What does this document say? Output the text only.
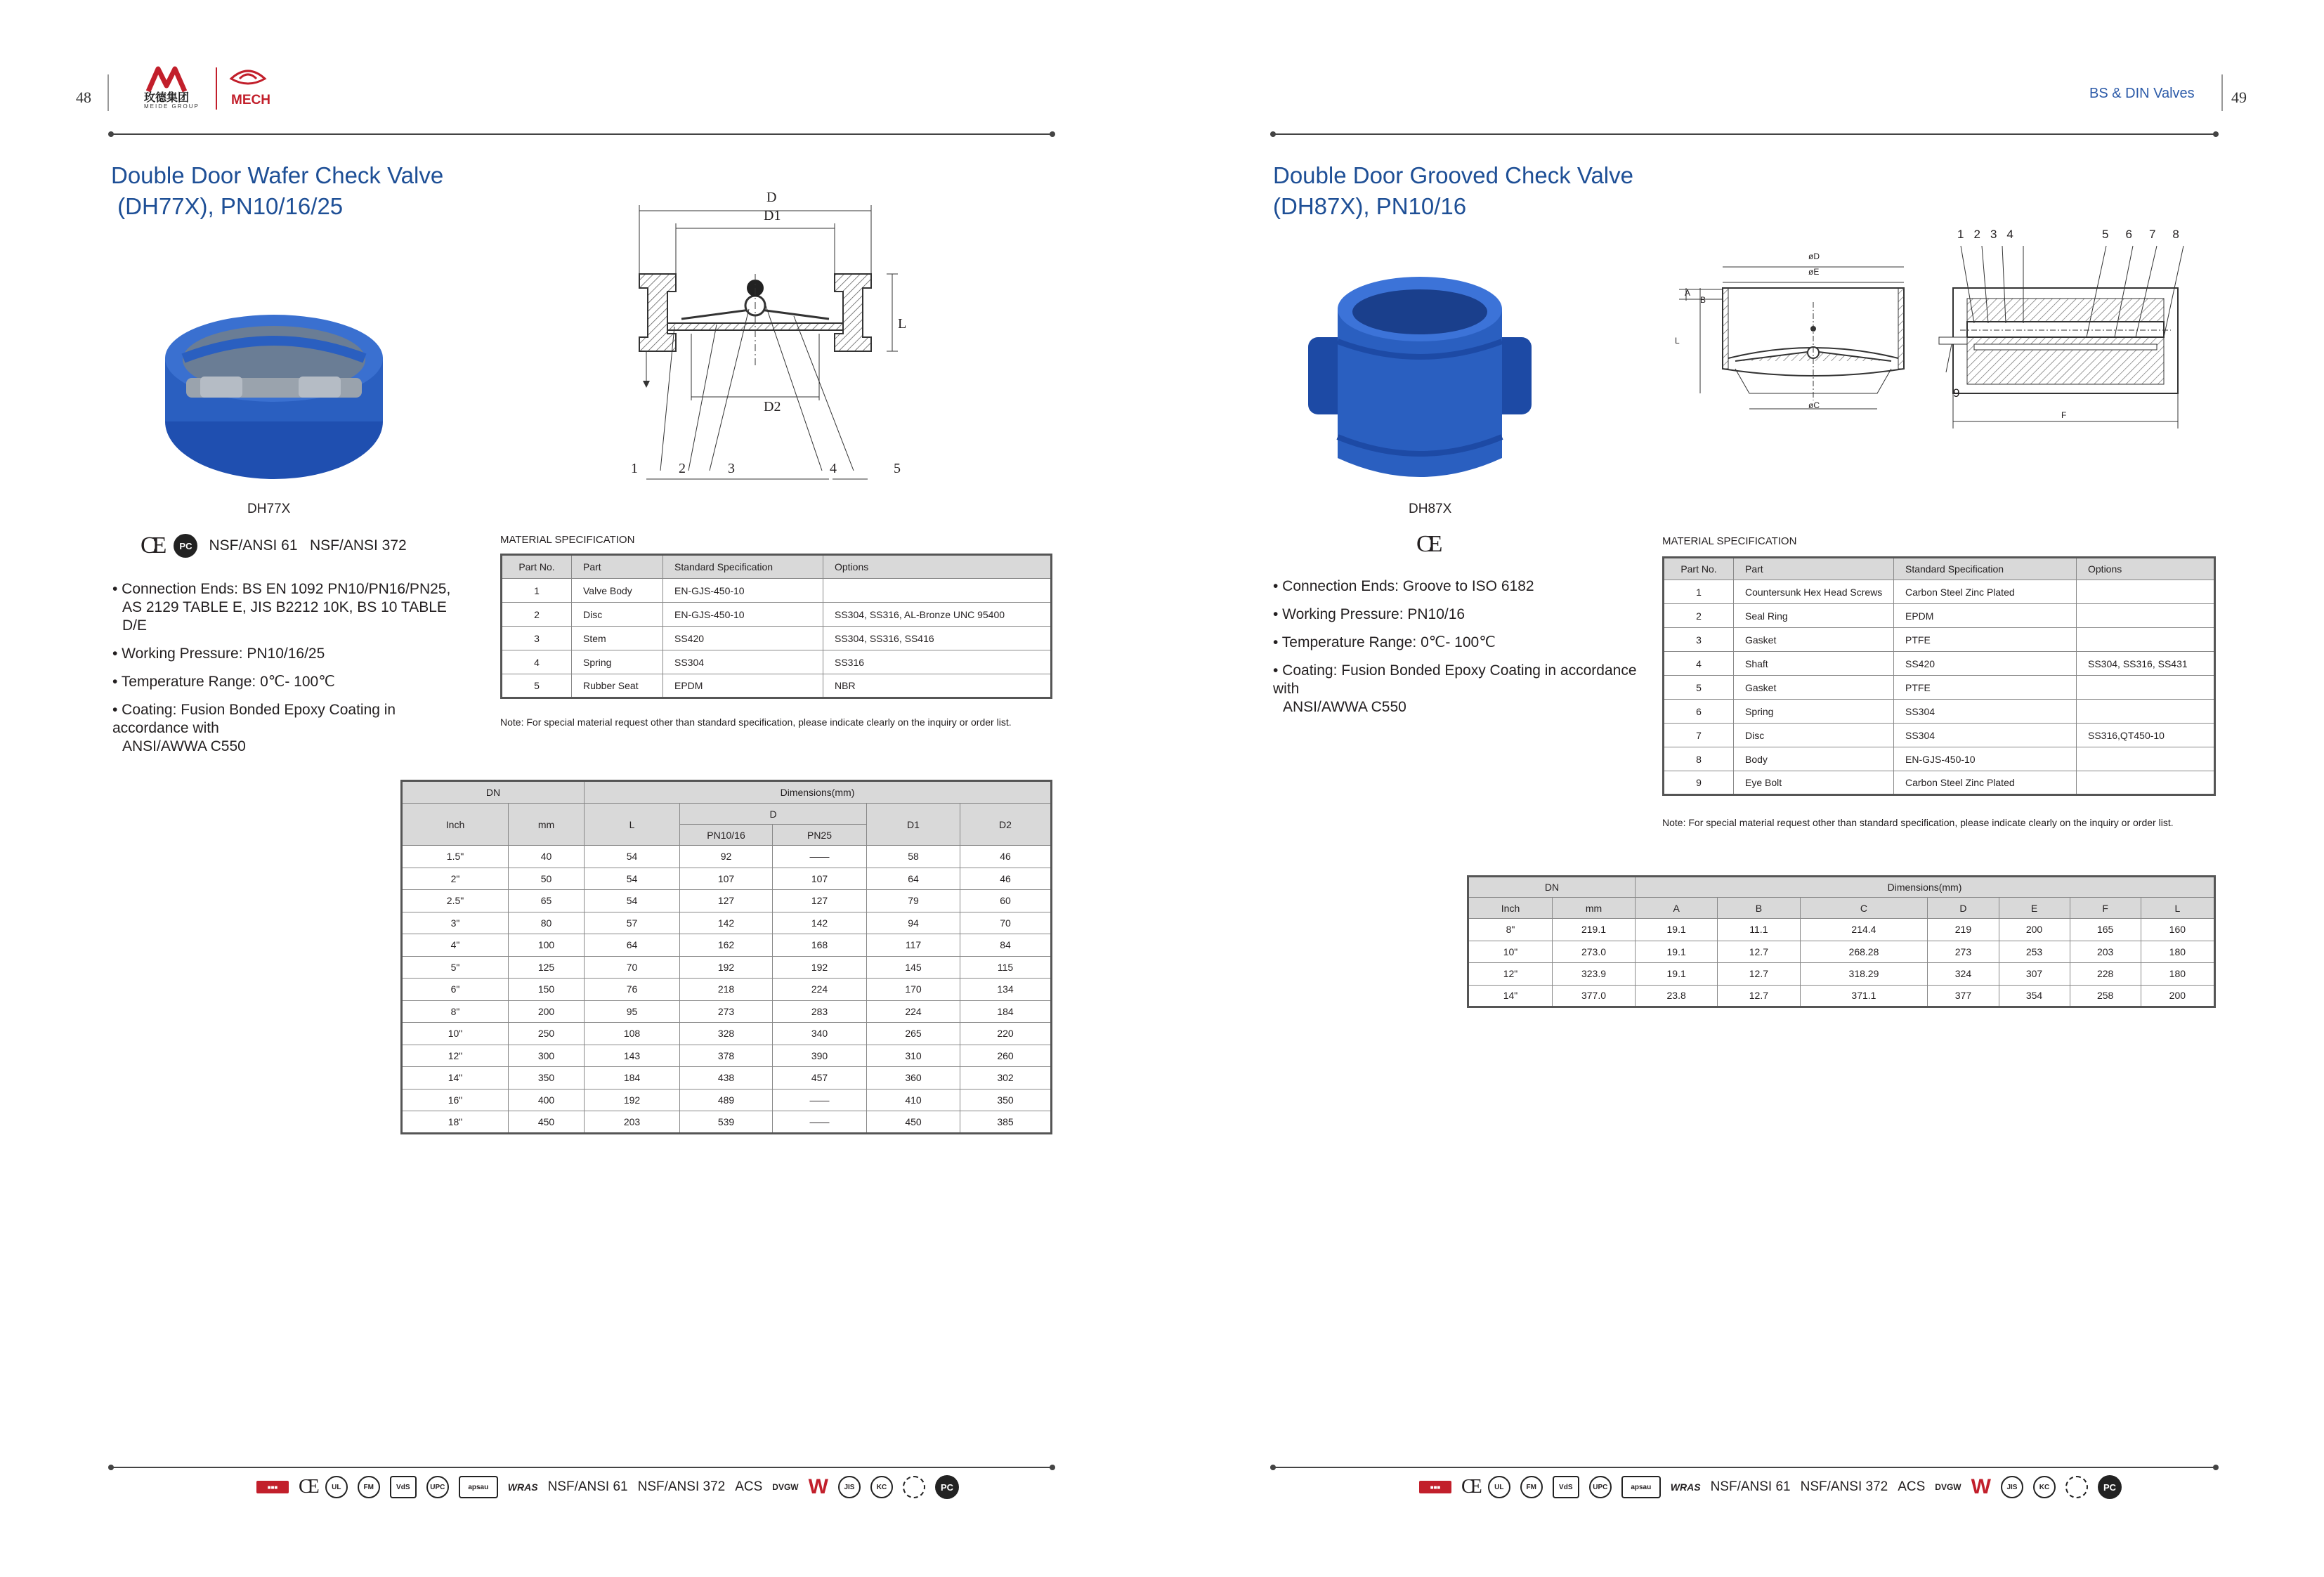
48	玫德集团
MEIDE GROUP MECH
Double Door Wafer Check Valve
(DH77X), PN10/16/25
DH77X
CE	PC	NSF/ANSI 61   NSF/ANSI 372
• Connection Ends: BS EN 1092 PN10/PN16/PN25,
AS 2129 TABLE E, JIS B2212 10K, BS 10 TABLE D/E
• Working Pressure: PN10/16/25
• Temperature Range: 0℃- 100℃
• Coating: Fusion Bonded Epoxy Coating in accordance with
ANSI/AWWA C550
D
D1
D2
L
1	2	3	4	5
MATERIAL SPECIFICATION
Part No.	Part	Standard Specification	Options
1	Valve Body	EN-GJS-450-10	
2	Disc	EN-GJS-450-10	SS304, SS316, AL-Bronze UNC 95400
3	Stem	SS420	SS304, SS316, SS416
4	Spring	SS304	SS316
5	Rubber Seat	EPDM	NBR
Note: For special material request other than standard specification, please indicate clearly on the inquiry or order list.
DN		Dimensions(mm)				
Inch	mm	L	D		D1	D2
			PN10/16	PN25		
1.5"	40	54	92	——	58	46
2"	50	54	107	107	64	46
2.5"	65	54	127	127	79	60
3"	80	57	142	142	94	70
4"	100	64	162	168	117	84
5"	125	70	192	192	145	115
6"	150	76	218	224	170	134
8"	200	95	273	283	224	184
10"	250	108	328	340	265	220
12"	300	143	378	390	310	260
14"	350	184	438	457	360	302
16"	400	192	489	——	410	350
18"	450	203	539	——	450	385
■■■	CE	UL	FM	VdS	UPC	apsau	WRAS NSF/ANSI 61 NSF/ANSI 372 ACS DVGW W	JIS	KC	PC
BS & DIN Valves 49
Double Door Grooved Check Valve
(DH87X), PN10/16
DH87X
CE
• Connection Ends: Groove to ISO 6182
• Working Pressure: PN10/16
• Temperature Range: 0℃- 100℃
• Coating: Fusion Bonded Epoxy Coating in accordance with
ANSI/AWWA C550
øD
øE
øC
A
B
L
F
1 2 3 4	5 6 7 8
9
MATERIAL SPECIFICATION
Part No.	Part	Standard Specification	Options
1	Countersunk Hex Head Screws	Carbon Steel Zinc Plated	
2	Seal Ring	EPDM	
3	Gasket	PTFE	
4	Shaft	SS420	SS304, SS316, SS431
5	Gasket	PTFE	
6	Spring	SS304	
7	Disc	SS304	SS316,QT450-10
8	Body	EN-GJS-450-10	
9	Eye Bolt	Carbon Steel Zinc Plated	
Note: For special material request other than standard specification, please indicate clearly on the inquiry or order list.
DN		Dimensions(mm)						
Inch	mm	A	B	C	D	E	F	L
8"	219.1	19.1	11.1	214.4	219	200	165	160
10"	273.0	19.1	12.7	268.28	273	253	203	180
12"	323.9	19.1	12.7	318.29	324	307	228	180
14"	377.0	23.8	12.7	371.1	377	354	258	200
■■■	CE	UL	FM	VdS	UPC	apsau	WRAS NSF/ANSI 61 NSF/ANSI 372 ACS DVGW W	JIS	KC	PC
